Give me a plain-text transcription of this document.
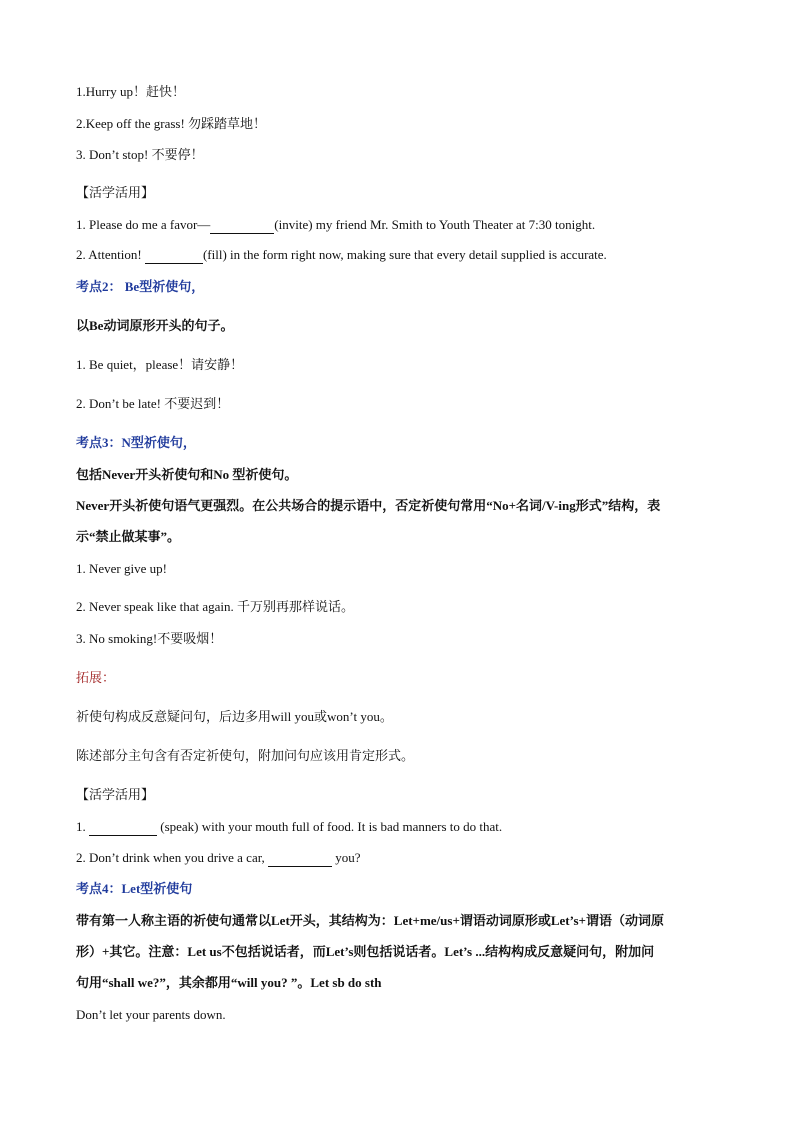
1.Hurry up！赶快！
2.Keep off the grass! 勿踩踏草地！
3. Don’t stop! 不要停！
【活学活用】
1. Please do me a favor—	(invite) my friend Mr. Smith to Youth Theater at 7:30 tonight.
2. Attention!	(fill) in the form right now, making sure that every detail supplied is accurate.
考点2： Be型祈使句，
以Be动词原形开头的句子。
1. Be quiet，please！请安静！
2. Don’t be late! 不要迟到！
考点3：N型祈使句，
包括Never开头祈使句和No 型祈使句。
Never开头祈使句语气更强烈。在公共场合的提示语中，否定祈使句常用“No+名词/V-ing形式”结构，表
示“禁止做某事”。
1. Never give up!
2. Never speak like that again. 千万别再那样说话。
3. No smoking!不要吸烟！
拓展：
祈使句构成反意疑问句，后边多用will you或won’t you。
陈述部分主句含有否定祈使句，附加问句应该用肯定形式。
【活学活用】
1.	(speak) with your mouth full of food. It is bad manners to do that.
2. Don’t drink when you drive a car,	you?
考点4：Let型祈使句
带有第一人称主语的祈使句通常以Let开头，其结构为：Let+me/us+谓语动词原形或Let’s+谓语（动词原
形）+其它。注意：Let us不包括说话者，而Let’s则包括说话者。Let’s ...结构构成反意疑问句，附加问
句用“shall we?”，其余都用“will you? ”。Let sb do sth
Don’t let your parents down.
